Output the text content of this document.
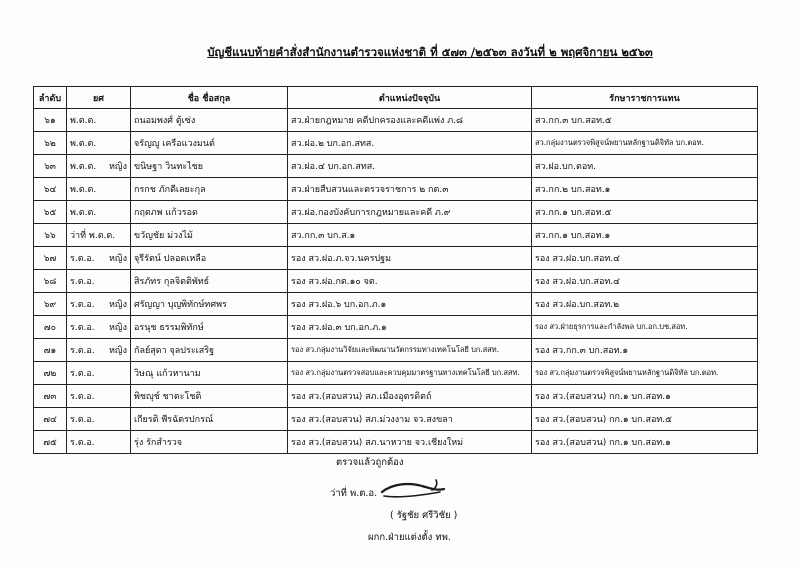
บัญชีแนบท้ายคำสั่งสำนักงานตำรวจแห่งชาติ ที่ ๕๗๓ /๒๕๖๓ ลงวันที่ ๒ พฤศจิกายน ๒๕๖๓
ลำดับ	ยศ	ชื่อ ชื่อสกุล	ตำแหน่งปัจจุบัน	รักษาราชการแทน
๖๑	พ.ต.ต.	ถนอมพงศ์ ตู้เซ่ง	สว.ฝ่ายกฎหมาย คดีปกครองและคดีแพ่ง ภ.๘	สว.กก.๓ บก.สอท.๕
๖๒	พ.ต.ต.	จรัญญู เครือแวงมนต์	สว.ฝอ.๒ บก.อก.สทส.	สว.กลุ่มงานตรวจพิสูจน์พยานหลักฐานดิจิทัล บก.ตอท.
๖๓	พ.ต.ต. หญิง	ขนิษฐา วินทะไชย	สว.ฝอ.๔ บก.อก.สทส.	สว.ฝอ.บก.ตอท.
๖๔	พ.ต.ต.	กรกช ภักดีเลยะกุล	สว.ฝ่ายสืบสวนและตรวจราชการ ๒ กต.๓	สว.กก.๒ บก.สอท.๑
๖๕	พ.ต.ต.	กฤตภพ แก้วรอด	สว.ฝอ.กองบังคับการกฎหมายและคดี ภ.๙	สว.กก.๑ บก.สอท.๕
๖๖	ว่าที่ พ.ต.ต.	ขวัญชัย ม่วงไม้	สว.กก.๓ บก.ส.๑	สว.กก.๑ บก.สอท.๑
๖๗	ร.ต.อ. หญิง	จุรีรัตน์ ปลอดเหลือ	รอง สว.ฝอ.ภ.จว.นครปฐม	รอง สว.ฝอ.บก.สอท.๔
๖๘	ร.ต.อ.	สิรภัทร กุลจิตติพัทธ์	รอง สว.ฝอ.กต.๑๐ จต.	รอง สว.ฝอ.บก.สอท.๔
๖๙	ร.ต.อ. หญิง	ศรัญญา บุญพิทักษ์ทศพร	รอง สว.ฝอ.๖ บก.อก.ภ.๑	รอง สว.ฝอ.บก.สอท.๒
๗๐	ร.ต.อ. หญิง	อรนุช ธรรมพิทักษ์	รอง สว.ฝอ.๓ บก.อก.ภ.๑	รอง สว.ฝ่ายธุรการและกำลังพล บก.อก.บช.สอท.
๗๑	ร.ต.อ. หญิง	กัลย์สุดา จุลประเสริฐ	รอง สว.กลุ่มงานวิจัยและพัฒนานวัตกรรมทางเทคโนโลยี บก.สสท.	รอง สว.กก.๓ บก.สอท.๑
๗๒	ร.ต.อ.	วิษณุ แก้วหานาม	รอง สว.กลุ่มงานตรวจสอบและควบคุมมาตรฐานทางเทคโนโลยี บก.สสท.	รอง สว.กลุ่มงานตรวจพิสูจน์พยานหลักฐานดิจิทัล บก.ตอท.
๗๓	ร.ต.อ.	พิชญุช์ ชาตะโชติ	รอง สว.(สอบสวน) สภ.เมืองอุตรดิตถ์	รอง สว.(สอบสวน) กก.๑ บก.สอท.๑
๗๔	ร.ต.อ.	เกียรติ พีรฉัตรปกรณ์	รอง สว.(สอบสวน) สภ.ม่วงงาม จว.สงขลา	รอง สว.(สอบสวน) กก.๑ บก.สอท.๕
๗๕	ร.ต.อ.	รุ่ง รักสำรวจ	รอง สว.(สอบสวน) สภ.นาหวาย จว.เชียงใหม่	รอง สว.(สอบสวน) กก.๑ บก.สอท.๑
ตรวจแล้วถูกต้อง
ว่าที่ พ.ต.อ.
( รัฐชัย ศรีวิชัย )
ผกก.ฝ่ายแต่งตั้ง ทพ.
